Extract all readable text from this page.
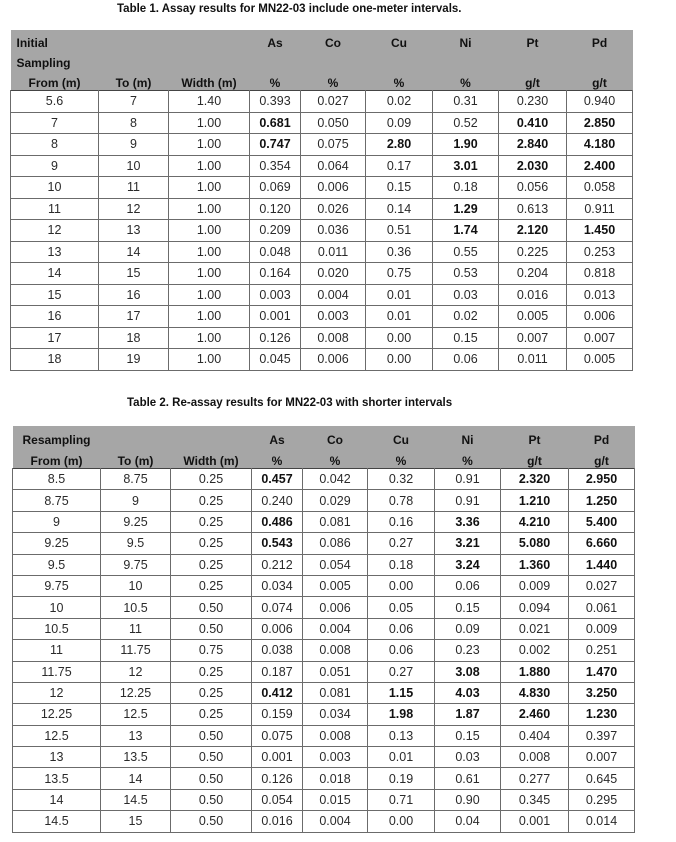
Table 1. Assay results for MN22-03 include one-meter intervals.
Initial			As	Co	Cu	Ni	Pt	Pd
Sampling								
From (m)	To (m)	Width (m)	%	%	%	%	g/t	g/t
5.6	7	1.40	0.393	0.027	0.02	0.31	0.230	0.940
7	8	1.00	0.681	0.050	0.09	0.52	0.410	2.850
8	9	1.00	0.747	0.075	2.80	1.90	2.840	4.180
9	10	1.00	0.354	0.064	0.17	3.01	2.030	2.400
10	11	1.00	0.069	0.006	0.15	0.18	0.056	0.058
11	12	1.00	0.120	0.026	0.14	1.29	0.613	0.911
12	13	1.00	0.209	0.036	0.51	1.74	2.120	1.450
13	14	1.00	0.048	0.011	0.36	0.55	0.225	0.253
14	15	1.00	0.164	0.020	0.75	0.53	0.204	0.818
15	16	1.00	0.003	0.004	0.01	0.03	0.016	0.013
16	17	1.00	0.001	0.003	0.01	0.02	0.005	0.006
17	18	1.00	0.126	0.008	0.00	0.15	0.007	0.007
18	19	1.00	0.045	0.006	0.00	0.06	0.011	0.005
Table 2. Re-assay results for MN22-03 with shorter intervals
Resampling			As	Co	Cu	Ni	Pt	Pd
From (m)	To (m)	Width (m)	%	%	%	%	g/t	g/t
8.5	8.75	0.25	0.457	0.042	0.32	0.91	2.320	2.950
8.75	9	0.25	0.240	0.029	0.78	0.91	1.210	1.250
9	9.25	0.25	0.486	0.081	0.16	3.36	4.210	5.400
9.25	9.5	0.25	0.543	0.086	0.27	3.21	5.080	6.660
9.5	9.75	0.25	0.212	0.054	0.18	3.24	1.360	1.440
9.75	10	0.25	0.034	0.005	0.00	0.06	0.009	0.027
10	10.5	0.50	0.074	0.006	0.05	0.15	0.094	0.061
10.5	11	0.50	0.006	0.004	0.06	0.09	0.021	0.009
11	11.75	0.75	0.038	0.008	0.06	0.23	0.002	0.251
11.75	12	0.25	0.187	0.051	0.27	3.08	1.880	1.470
12	12.25	0.25	0.412	0.081	1.15	4.03	4.830	3.250
12.25	12.5	0.25	0.159	0.034	1.98	1.87	2.460	1.230
12.5	13	0.50	0.075	0.008	0.13	0.15	0.404	0.397
13	13.5	0.50	0.001	0.003	0.01	0.03	0.008	0.007
13.5	14	0.50	0.126	0.018	0.19	0.61	0.277	0.645
14	14.5	0.50	0.054	0.015	0.71	0.90	0.345	0.295
14.5	15	0.50	0.016	0.004	0.00	0.04	0.001	0.014
